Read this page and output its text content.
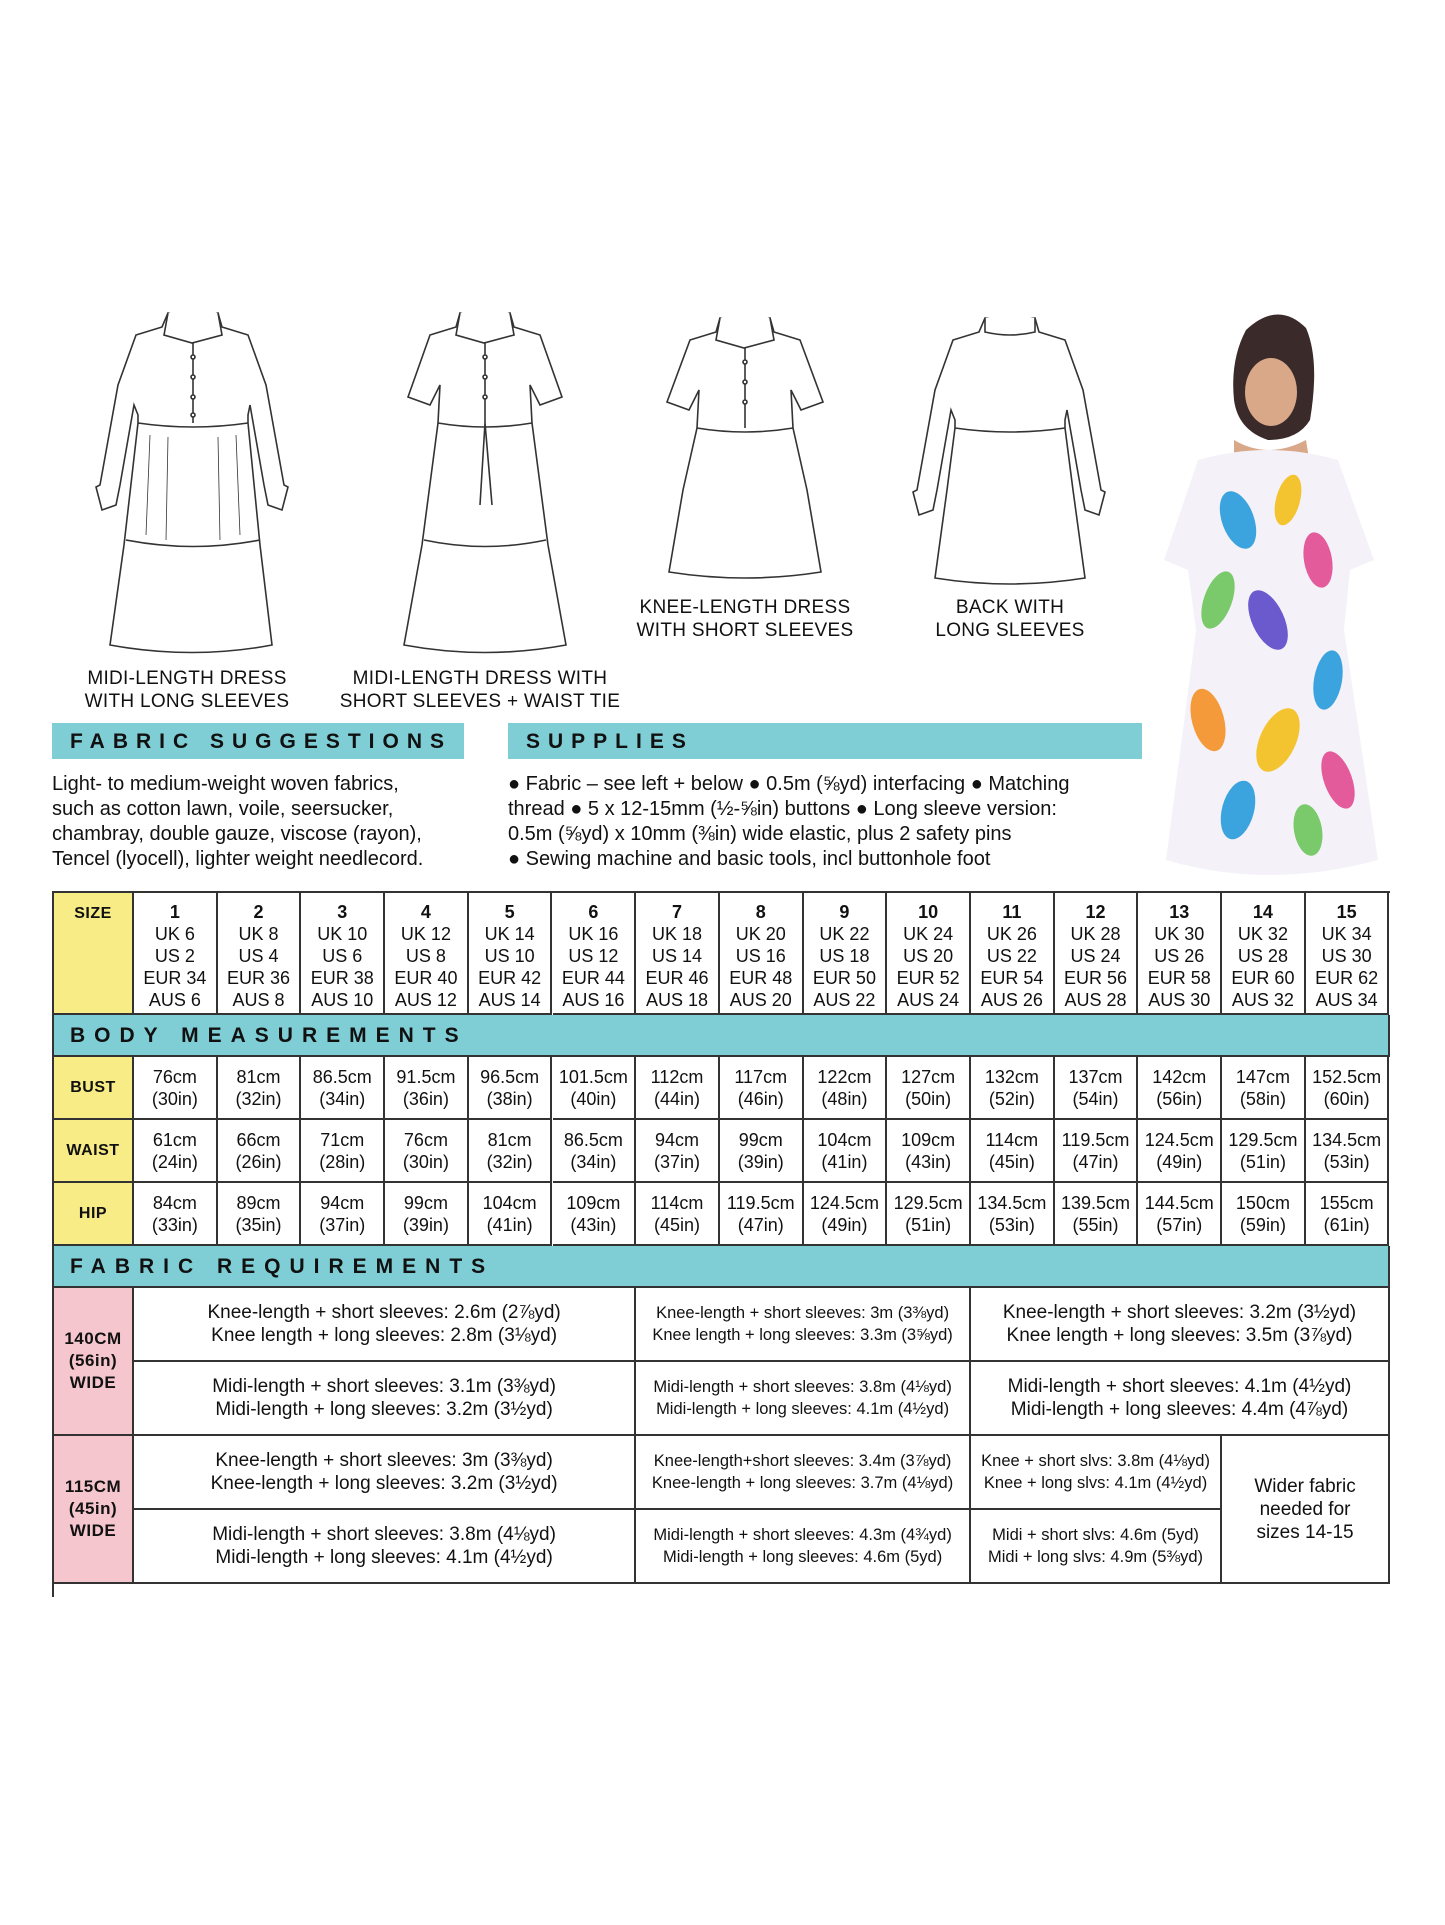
MIDI-LENGTH DRESS
WITH LONG SLEEVES
MIDI-LENGTH DRESS WITH
SHORT SLEEVES + WAIST TIE
KNEE-LENGTH DRESS
WITH SHORT SLEEVES
BACK WITH
LONG SLEEVES
FABRIC SUGGESTIONS	SUPPLIES
Light- to medium-weight woven fabrics,
such as cotton lawn, voile, seersucker,
chambray, double gauze, viscose (rayon),
Tencel (lyocell), lighter weight needlecord.
● Fabric – see left + below ● 0.5m (⅝yd) interfacing ● Matching
thread ● 5 x 12-15mm (½-⅝in) buttons ● Long sleeve version:
0.5m (⅝yd) x 10mm (⅜in) wide elastic, plus 2 safety pins
● Sewing machine and basic tools, incl buttonhole foot
SIZE	1
UK 6
US 2
EUR 34
AUS 6
2
UK 8
US 4
EUR 36
AUS 8
3
UK 10
US 6
EUR 38
AUS 10
4
UK 12
US 8
EUR 40
AUS 12
5
UK 14
US 10
EUR 42
AUS 14
6
UK 16
US 12
EUR 44
AUS 16
7
UK 18
US 14
EUR 46
AUS 18
8
UK 20
US 16
EUR 48
AUS 20
9
UK 22
US 18
EUR 50
AUS 22
10
UK 24
US 20
EUR 52
AUS 24
11
UK 26
US 22
EUR 54
AUS 26
12
UK 28
US 24
EUR 56
AUS 28
13
UK 30
US 26
EUR 58
AUS 30
14
UK 32
US 28
EUR 60
AUS 32
15
UK 34
US 30
EUR 62
AUS 34
BODY MEASUREMENTS
BUST
76cm
(30in)
81cm
(32in)
86.5cm
(34in)
91.5cm
(36in)
96.5cm
(38in)
101.5cm
(40in)
112cm
(44in)
117cm
(46in)
122cm
(48in)
127cm
(50in)
132cm
(52in)
137cm
(54in)
142cm
(56in)
147cm
(58in)
152.5cm
(60in)
WAIST
61cm
(24in)
66cm
(26in)
71cm
(28in)
76cm
(30in)
81cm
(32in)
86.5cm
(34in)
94cm
(37in)
99cm
(39in)
104cm
(41in)
109cm
(43in)
114cm
(45in)
119.5cm
(47in)
124.5cm
(49in)
129.5cm
(51in)
134.5cm
(53in)
HIP
84cm
(33in)
89cm
(35in)
94cm
(37in)
99cm
(39in)
104cm
(41in)
109cm
(43in)
114cm
(45in)
119.5cm
(47in)
124.5cm
(49in)
129.5cm
(51in)
134.5cm
(53in)
139.5cm
(55in)
144.5cm
(57in)
150cm
(59in)
155cm
(61in)
FABRIC REQUIREMENTS
140CM
(56in)
WIDE
Knee-length + short sleeves: 2.6m (2⅞yd)
Knee length + long sleeves: 2.8m (3⅛yd)
Knee-length + short sleeves: 3m (3⅜yd)
Knee length + long sleeves: 3.3m (3⅝yd)
Knee-length + short sleeves: 3.2m (3½yd)
Knee length + long sleeves: 3.5m (3⅞yd)
Midi-length + short sleeves: 3.1m (3⅜yd)
Midi-length + long sleeves: 3.2m (3½yd)
Midi-length + short sleeves: 3.8m (4⅛yd)
Midi-length + long sleeves: 4.1m (4½yd)
Midi-length + short sleeves: 4.1m (4½yd)
Midi-length + long sleeves: 4.4m (4⅞yd)
115CM
(45in)
WIDE
Knee-length + short sleeves: 3m (3⅜yd)
Knee-length + long sleeves: 3.2m (3½yd)
Knee-length+short sleeves: 3.4m (3⅞yd)
Knee-length + long sleeves: 3.7m (4⅛yd)
Knee + short slvs: 3.8m (4⅛yd)
Knee + long slvs: 4.1m (4½yd)
Midi-length + short sleeves: 3.8m (4⅛yd)
Midi-length + long sleeves: 4.1m (4½yd)
Midi-length + short sleeves: 4.3m (4¾yd)
Midi-length + long sleeves: 4.6m (5yd)
Midi + short slvs: 4.6m (5yd)
Midi + long slvs: 4.9m (5⅜yd)
Wider fabric
needed for
sizes 14-15
